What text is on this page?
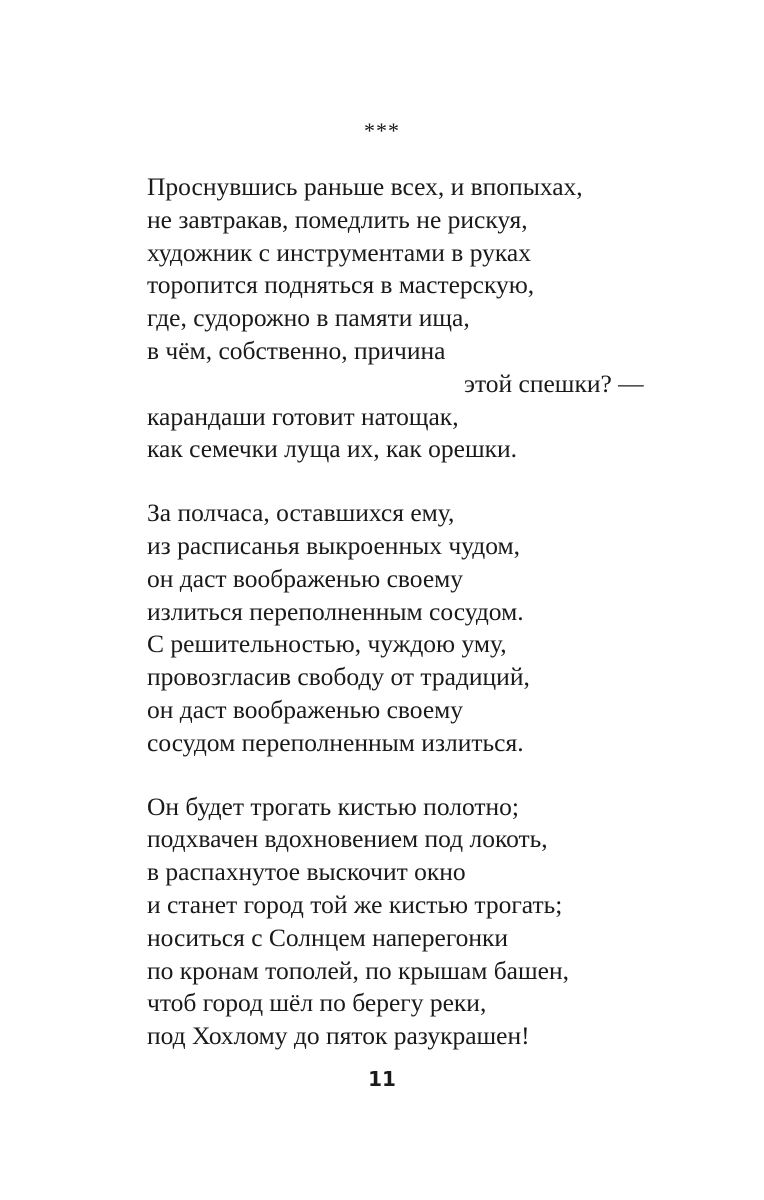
***

Проснувшись раньше всех, и впопыхах,
не завтракав, помедлить не рискуя,
художник с инструментами в руках
торопится подняться в мастерскую,
где, судорожно в памяти ища,
в чём, собственно, причина
этой спешки? —
карандаши готовит натощак,
как семечки луща их, как орешки.

За полчаса, оставшихся ему,
из расписанья выкроенных чудом,
он даст воображенью своему
излиться переполненным сосудом.
С решительностью, чуждою уму,
провозгласив свободу от традиций,
он даст воображенью своему
сосудом переполненным излиться.

Он будет трогать кистью полотно;
подхвачен вдохновением под локоть,
в распахнутое выскочит окно
и станет город той же кистью трогать;
носиться с Солнцем наперегонки
по кронам тополей, по крышам башен,
чтоб город шёл по берегу реки,
под Хохлому до пяток разукрашен!

11
